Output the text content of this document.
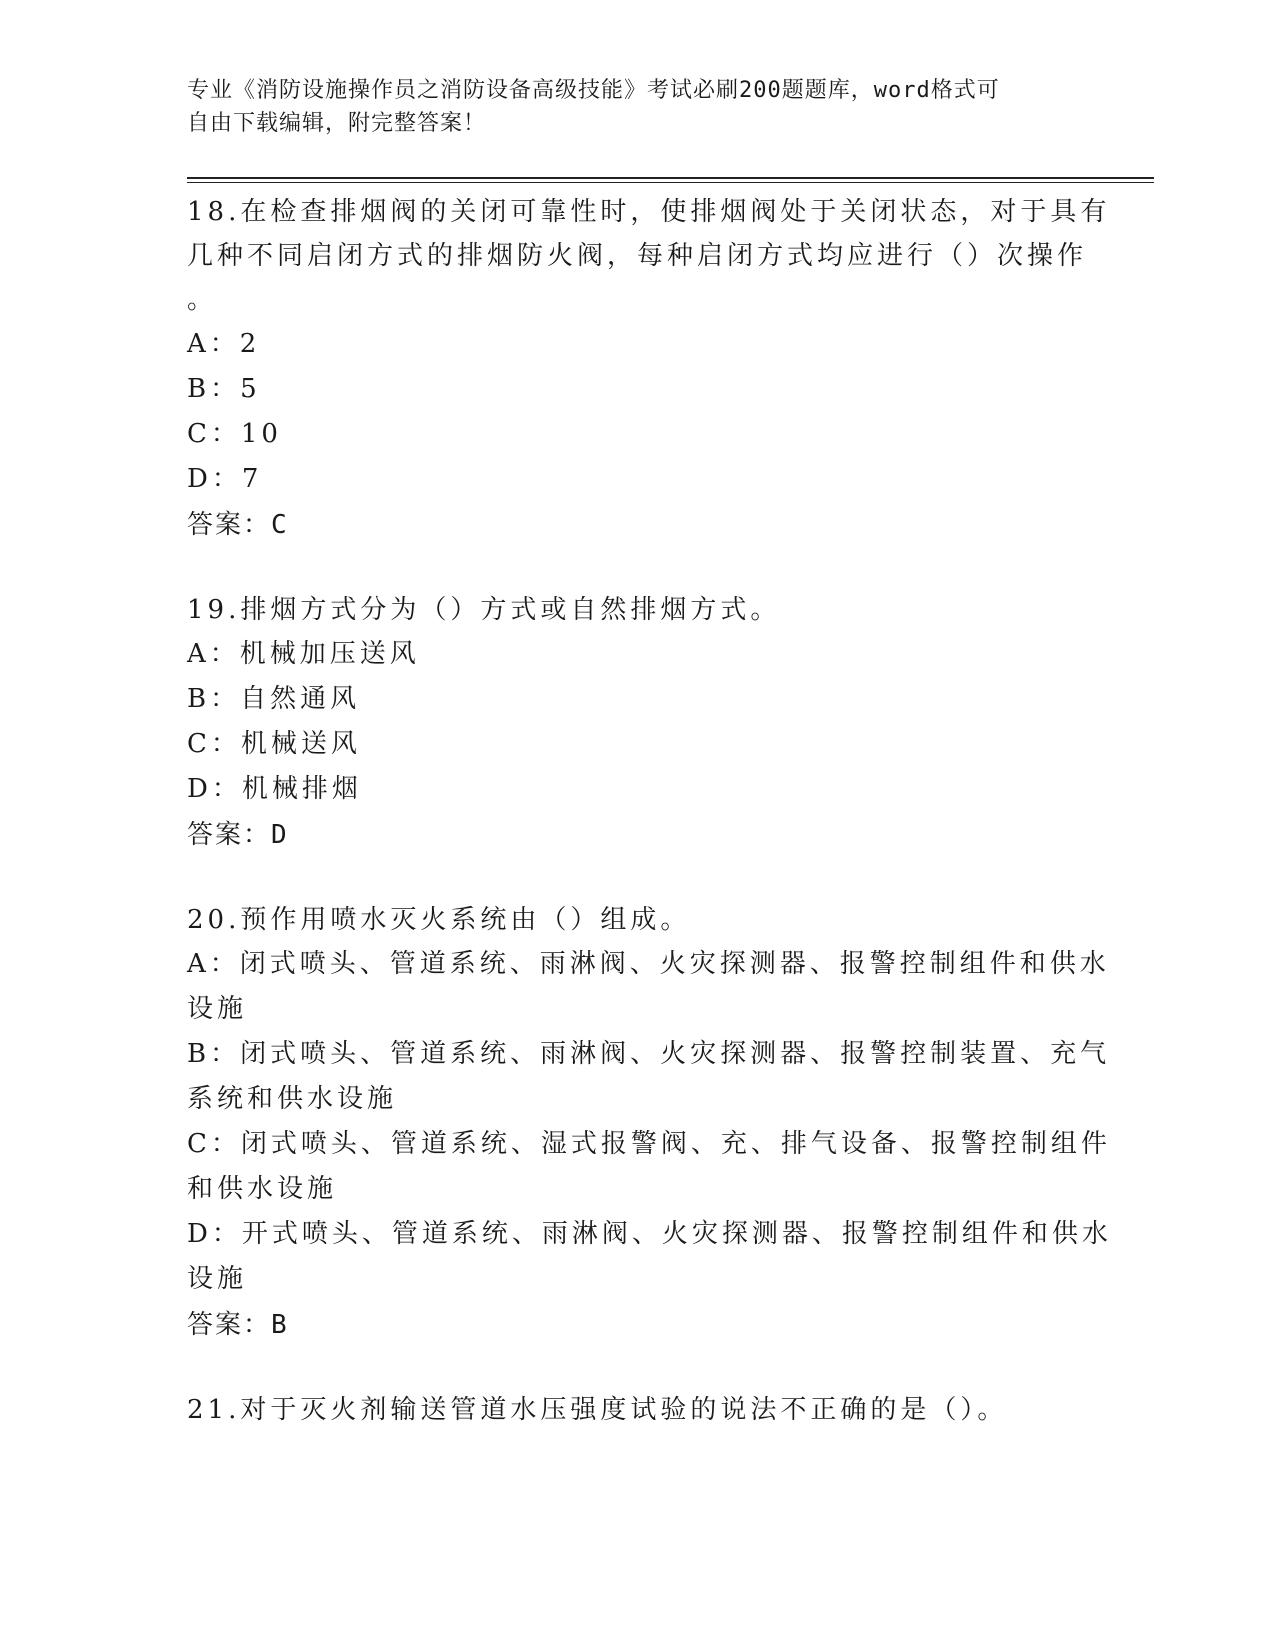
专业《消防设施操作员之消防设备高级技能》考试必刷200题题库，word格式可
自由下载编辑，附完整答案！
18.在检查排烟阀的关闭可靠性时，使排烟阀处于关闭状态，对于具有
几种不同启闭方式的排烟防火阀，每种启闭方式均应进行（）次操作
。
A：2
B：5
C：10
D：7
答案：C
19.排烟方式分为（）方式或自然排烟方式。
A：机械加压送风
B：自然通风
C：机械送风
D：机械排烟
答案：D
20.预作用喷水灭火系统由（）组成。
A：闭式喷头、管道系统、雨淋阀、火灾探测器、报警控制组件和供水
设施
B：闭式喷头、管道系统、雨淋阀、火灾探测器、报警控制装置、充气
系统和供水设施
C：闭式喷头、管道系统、湿式报警阀、充、排气设备、报警控制组件
和供水设施
D：开式喷头、管道系统、雨淋阀、火灾探测器、报警控制组件和供水
设施
答案：B
21.对于灭火剂输送管道水压强度试验的说法不正确的是（）。
